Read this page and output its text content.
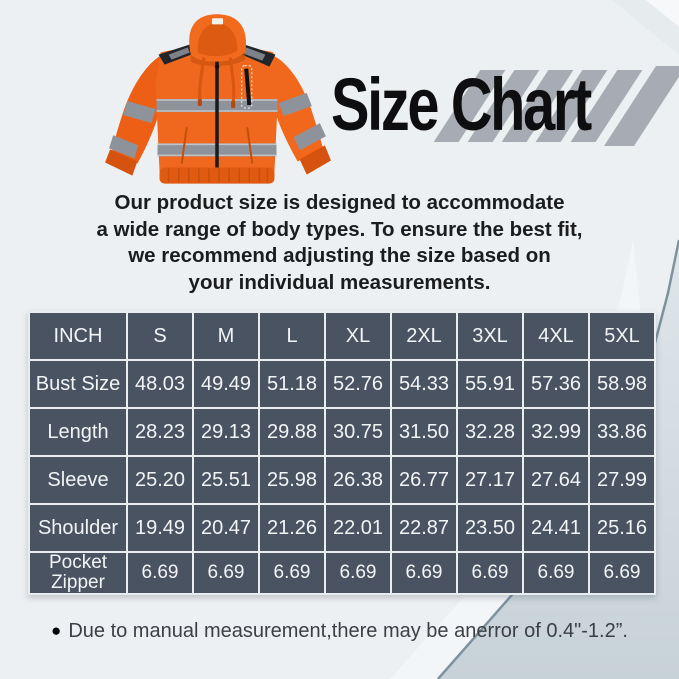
Size Chart
Our product size is designed to accommodate
a wide range of body types. To ensure the best fit,
we recommend adjusting the size based on
your individual measurements.
INCH	S	M	L	XL	2XL	3XL	4XL	5XL
Bust Size	48.03	49.49	51.18	52.76	54.33	55.91	57.36	58.98
Length	28.23	29.13	29.88	30.75	31.50	32.28	32.99	33.86
Sleeve	25.20	25.51	25.98	26.38	26.77	27.17	27.64	27.99
Shoulder	19.49	20.47	21.26	22.01	22.87	23.50	24.41	25.16
Pocket Zipper	6.69	6.69	6.69	6.69	6.69	6.69	6.69	6.69
● Due to manual measurement,there may be anerror of 0.4"-1.2”.
